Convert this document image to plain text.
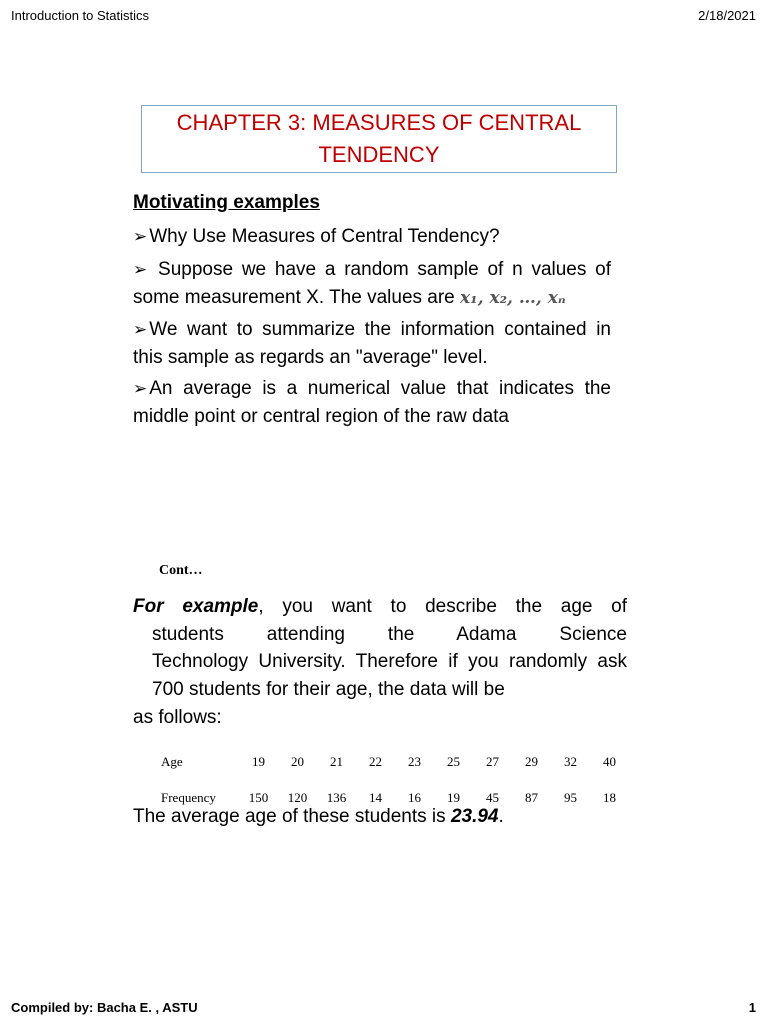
Introduction to Statistics	2/18/2021
CHAPTER 3: MEASURES OF CENTRAL TENDENCY
Motivating examples
➢ Why Use Measures of Central Tendency?
➢ Suppose we have a random sample of n values of some measurement X. The values are x₁, x₂, …, xₙ
➢ We want to summarize the information contained in this sample as regards an "average" level.
➢ An average is a numerical value that indicates the middle point or central region of the raw data
Cont…
For example, you want to describe the age of
students attending the Adama Science
Technology University. Therefore if you randomly ask 700 students for their age, the data will be
as follows:
Age	19	20	21	22	23	25	27	29	32	40
Frequency	150	120	136	14	16	19	45	87	95	18
The average age of these students is 23.94.
Compiled by: Bacha E. , ASTU	1
